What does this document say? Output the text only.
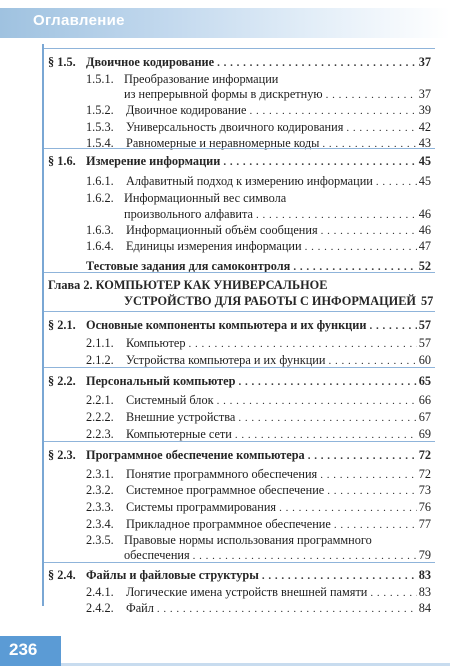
Оглавление
§ 1.5. Двоичное кодирование . . .	37
1.5.1. Преобразование информации
из непрерывной формы в дискретную . . .	37
1.5.2.	Двоичное кодирование . . .	39
1.5.3.	Универсальность двоичного кодирования . . .	42
1.5.4.	Равномерные и неравномерные коды . . .	43
§ 1.6. Измерение информации . . .	45
1.6.1.	Алфавитный подход к измерению информации . . .	45
1.6.2. Информационный вес символа
произвольного алфавита . . .	46
1.6.3.	Информационный объём сообщения . . .	46
1.6.4.	Единицы измерения информации . . .	47
Тестовые задания для самоконтроля . . .	52
Глава 2. КОМПЬЮТЕР КАК УНИВЕРСАЛЬНОЕ
УСТРОЙСТВО ДЛЯ РАБОТЫ С ИНФОРМАЦИЕЙ 57
§ 2.1. Основные компоненты компьютера и их функции . . .	57
2.1.1.	Компьютер . . .	57
2.1.2.	Устройства компьютера и их функции . . .	60
§ 2.2. Персональный компьютер . . .	65
2.2.1.	Системный блок . . .	66
2.2.2.	Внешние устройства . . .	67
2.2.3.	Компьютерные сети . . .	69
§ 2.3. Программное обеспечение компьютера . . .	72
2.3.1.	Понятие программного обеспечения . . .	72
2.3.2.	Системное программное обеспечение . . .	73
2.3.3.	Системы программирования . . .	76
2.3.4.	Прикладное программное обеспечение . . .	77
2.3.5. Правовые нормы использования программного
обеспечения . . .	79
§ 2.4. Файлы и файловые структуры . . .	83
2.4.1.	Логические имена устройств внешней памяти . . .	83
2.4.2.	Файл . . .	84
236
